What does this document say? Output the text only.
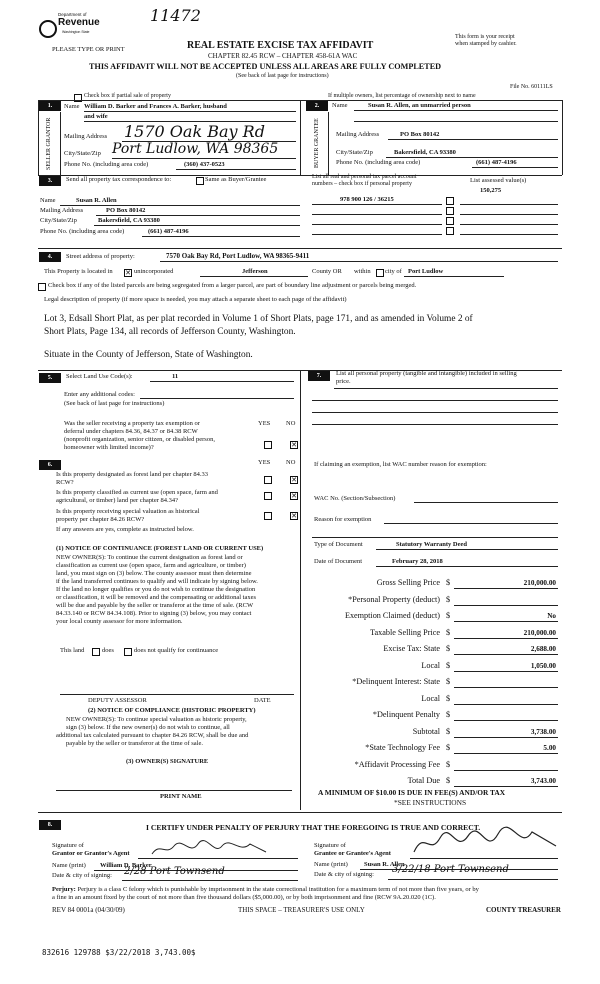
11472
Department of
Revenue
Washington State
PLEASE TYPE OR PRINT	REAL ESTATE EXCISE TAX AFFIDAVIT
CHAPTER 82.45 RCW – CHAPTER 458-61A WAC
THIS AFFIDAVIT WILL NOT BE ACCEPTED UNLESS ALL AREAS ARE FULLY COMPLETED
(See back of last page for instructions)
This form is your receipt
when stamped by cashier.
File No. 60111LS
Check box if partial sale of property	If multiple owners, list percentage of ownership next to name
1.	2.
SELLER GRANTOR	BUYER GRANTEE
Name William D. Barker and Frances A. Barker, husband
and wife
Mailing Address 1570 Oak Bay Rd
City/State/Zip Port Ludlow, WA 98365
Phone No. (including area code)	(360) 437-0523
Name	Susan R. Allen, an unmarried person
Mailing Address	PO Box 80142
City/State/Zip	Bakersfield, CA 93380
Phone No. (including area code)	(661) 487-4196
3.	Send all property tax correspondence to:	Same as Buyer/Grantee	List all real and personal tax parcel account
numbers – check box if personal property	List assessed value(s)
150,275
Name	Susan R. Allen
Mailing Address	PO Box 80142
City/State/Zip	Bakersfield, CA 93380
Phone No. (including area code)	(661) 487-4196
978 900 126 / 36215
4.	Street address of property:	7570 Oak Bay Rd, Port Ludlow, WA 98365-9411
This Property is located in ✕ unincorporated	Jefferson	County OR within city of Port Ludlow
Check box if any of the listed parcels are being segregated from a larger parcel, are part of boundary line adjustment or parcels being merged.
Legal description of property (if more space is needed, you may attach a separate sheet to each page of the affidavit)
Lot 3, Edsall Short Plat, as per plat recorded in Volume 1 of Short Plats, page 171, and as amended in Volume 2 of
Short Plats, Page 134, all records of Jefferson County, Washington.
Situate in the County of Jefferson, State of Washington.
5.	Select Land Use Code(s):	11
Enter any additional codes:
(See back of last page for instructions)
YES NO
Was the seller receiving a property tax exemption or
deferral under chapters 84.36, 84.37 or 84.38 RCW
(nonprofit organization, senior citizen, or disabled person,
homeowner with limited income)?	✕
6.	YES NO
Is this property designated as forest land per chapter 84.33
RCW?	✕
Is this property classified as current use (open space, farm and
agricultural, or timber) land per chapter 84.34?
✕
Is this property receiving special valuation as historical
property per chapter 84.26 RCW?	✕
If any answers are yes, complete as instructed below.
(1) NOTICE OF CONTINUANCE (FOREST LAND OR CURRENT USE)
NEW OWNER(S): To continue the current designation as forest land or
classification as current use (open space, farm and agriculture, or timber)
land, you must sign on (3) below. The county assessor must then determine
if the land transferred continues to qualify and will indicate by signing below.
If the land no longer qualifies or you do not wish to continue the designation
or classification, it will be removed and the compensating or additional taxes
will be due and payable by the seller or transferor at the time of sale. (RCW
84.33.140 or RCW 84.34.108). Prior to signing (3) below, you may contact
your local county assessor for more information.
This land	does	does not qualify for continuance
DEPUTY ASSESSOR	DATE
(2) NOTICE OF COMPLIANCE (HISTORIC PROPERTY)
NEW OWNER(S): To continue special valuation as historic property,
sign (3) below. If the new owner(s) do not wish to continue, all
additional tax calculated pursuant to chapter 84.26 RCW, shall be due and
payable by the seller or transferor at the time of sale.
(3) OWNER(S) SIGNATURE
PRINT NAME
7.	List all personal property (tangible and intangible) included in selling
price.
If claiming an exemption, list WAC number reason for exemption:
WAC No. (Section/Subsection)
Reason for exemption
Type of Document	Statutory Warranty Deed
Date of Document	February 28, 2018
Gross Selling Price $	210,000.00
*Personal Property (deduct) $
Exemption Claimed (deduct) $	No
Taxable Selling Price $	210,000.00
Excise Tax: State $	2,688.00
Local $	1,050.00
*Delinquent Interest: State $
Local $
*Delinquent Penalty $
Subtotal $	3,738.00
*State Technology Fee $	5.00
*Affidavit Processing Fee $
Total Due $	3,743.00
A MINIMUM OF $10.00 IS DUE IN FEE(S) AND/OR TAX
*SEE INSTRUCTIONS
8.	I CERTIFY UNDER PENALTY OF PERJURY THAT THE FOREGOING IS TRUE AND CORRECT.
Signature of
Grantor or Grantor's Agent
Name (print) William D. Barker
Date & city of signing: 2/28 Port Townsend
Signature of
Grantee or Grantee's Agent
Name (print) Susan R. Allen
Date & city of signing: 3/22/18 Port Townsend
Perjury: Perjury is a class C felony which is punishable by imprisonment in the state correctional institution for a maximum term of not more than five years, or by
a fine in an amount fixed by the court of not more than five thousand dollars ($5,000.00), or by both imprisonment and fine (RCW 9A.20.020 (1C).
REV 84 0001a (04/30/09)	THIS SPACE – TREASURER'S USE ONLY	COUNTY TREASURER
832616 129788 $3/22/2018 3,743.00$
